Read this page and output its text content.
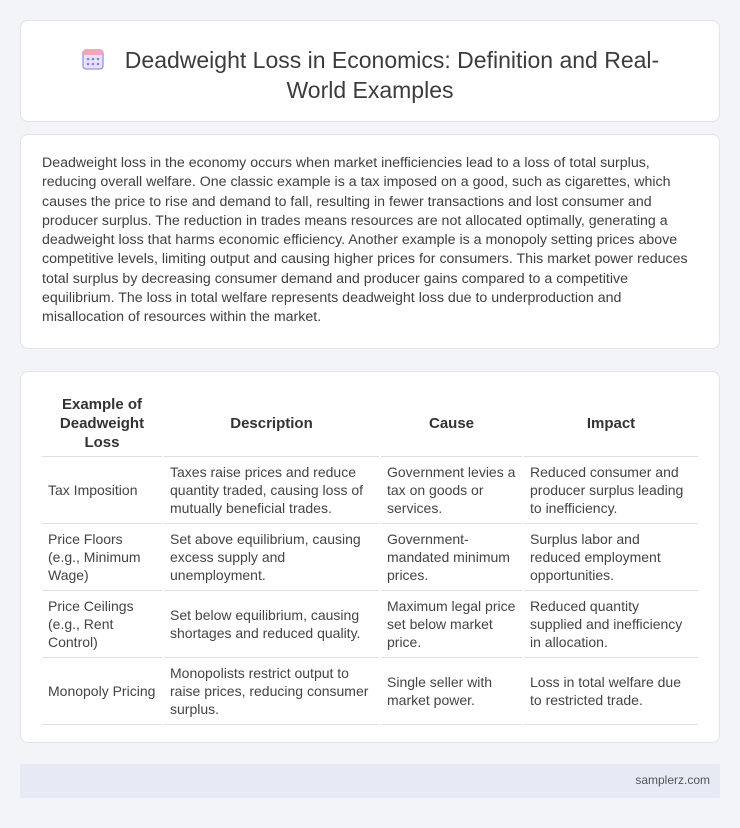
Deadweight Loss in Economics: Definition and Real-World Examples

Deadweight loss in the economy occurs when market inefficiencies lead to a loss of total surplus, reducing overall welfare. One classic example is a tax imposed on a good, such as cigarettes, which causes the price to rise and demand to fall, resulting in fewer transactions and lost consumer and producer surplus. The reduction in trades means resources are not allocated optimally, generating a deadweight loss that harms economic efficiency. Another example is a monopoly setting prices above competitive levels, limiting output and causing higher prices for consumers. This market power reduces total surplus by decreasing consumer demand and producer gains compared to a competitive equilibrium. The loss in total welfare represents deadweight loss due to underproduction and misallocation of resources within the market.

Example of Deadweight Loss	Description	Cause	Impact
Tax Imposition	Taxes raise prices and reduce quantity traded, causing loss of mutually beneficial trades.	Government levies a tax on goods or services.	Reduced consumer and producer surplus leading to inefficiency.
Price Floors (e.g., Minimum Wage)	Set above equilibrium, causing excess supply and unemployment.	Government-mandated minimum prices.	Surplus labor and reduced employment opportunities.
Price Ceilings (e.g., Rent Control)	Set below equilibrium, causing shortages and reduced quality.	Maximum legal price set below market price.	Reduced quantity supplied and inefficiency in allocation.
Monopoly Pricing	Monopolists restrict output to raise prices, reducing consumer surplus.	Single seller with market power.	Loss in total welfare due to restricted trade.
samplerz.com
